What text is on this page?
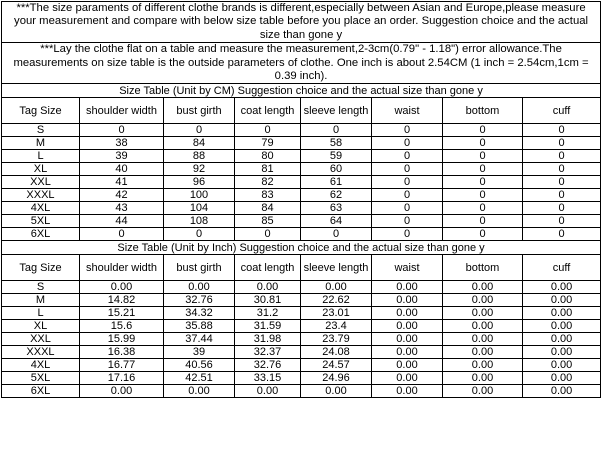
***The size paraments of different clothe brands is different,especially between Asian and Europe,please measure your measurement and compare with below size table before you place an order. Suggestion choice and the actual size than gone y							
***Lay the clothe flat on a table and measure the measurement,2-3cm(0.79" - 1.18") error allowance.The measurements on size table is the outside parameters of clothe. One inch is about 2.54CM (1 inch = 2.54cm,1cm = 0.39 inch).							
Size Table (Unit by CM) Suggestion choice and the actual size than gone y							
Tag Size	shoulder width	bust girth	coat length	sleeve length	waist	bottom	cuff
S	0	0	0	0	0	0	0
M	38	84	79	58	0	0	0
L	39	88	80	59	0	0	0
XL	40	92	81	60	0	0	0
XXL	41	96	82	61	0	0	0
XXXL	42	100	83	62	0	0	0
4XL	43	104	84	63	0	0	0
5XL	44	108	85	64	0	0	0
6XL	0	0	0	0	0	0	0
Size Table (Unit by Inch) Suggestion choice and the actual size than gone y							
Tag Size	shoulder width	bust girth	coat length	sleeve length	waist	bottom	cuff
S	0.00	0.00	0.00	0.00	0.00	0.00	0.00
M	14.82	32.76	30.81	22.62	0.00	0.00	0.00
L	15.21	34.32	31.2	23.01	0.00	0.00	0.00
XL	15.6	35.88	31.59	23.4	0.00	0.00	0.00
XXL	15.99	37.44	31.98	23.79	0.00	0.00	0.00
XXXL	16.38	39	32.37	24.08	0.00	0.00	0.00
4XL	16.77	40.56	32.76	24.57	0.00	0.00	0.00
5XL	17.16	42.51	33.15	24.96	0.00	0.00	0.00
6XL	0.00	0.00	0.00	0.00	0.00	0.00	0.00
